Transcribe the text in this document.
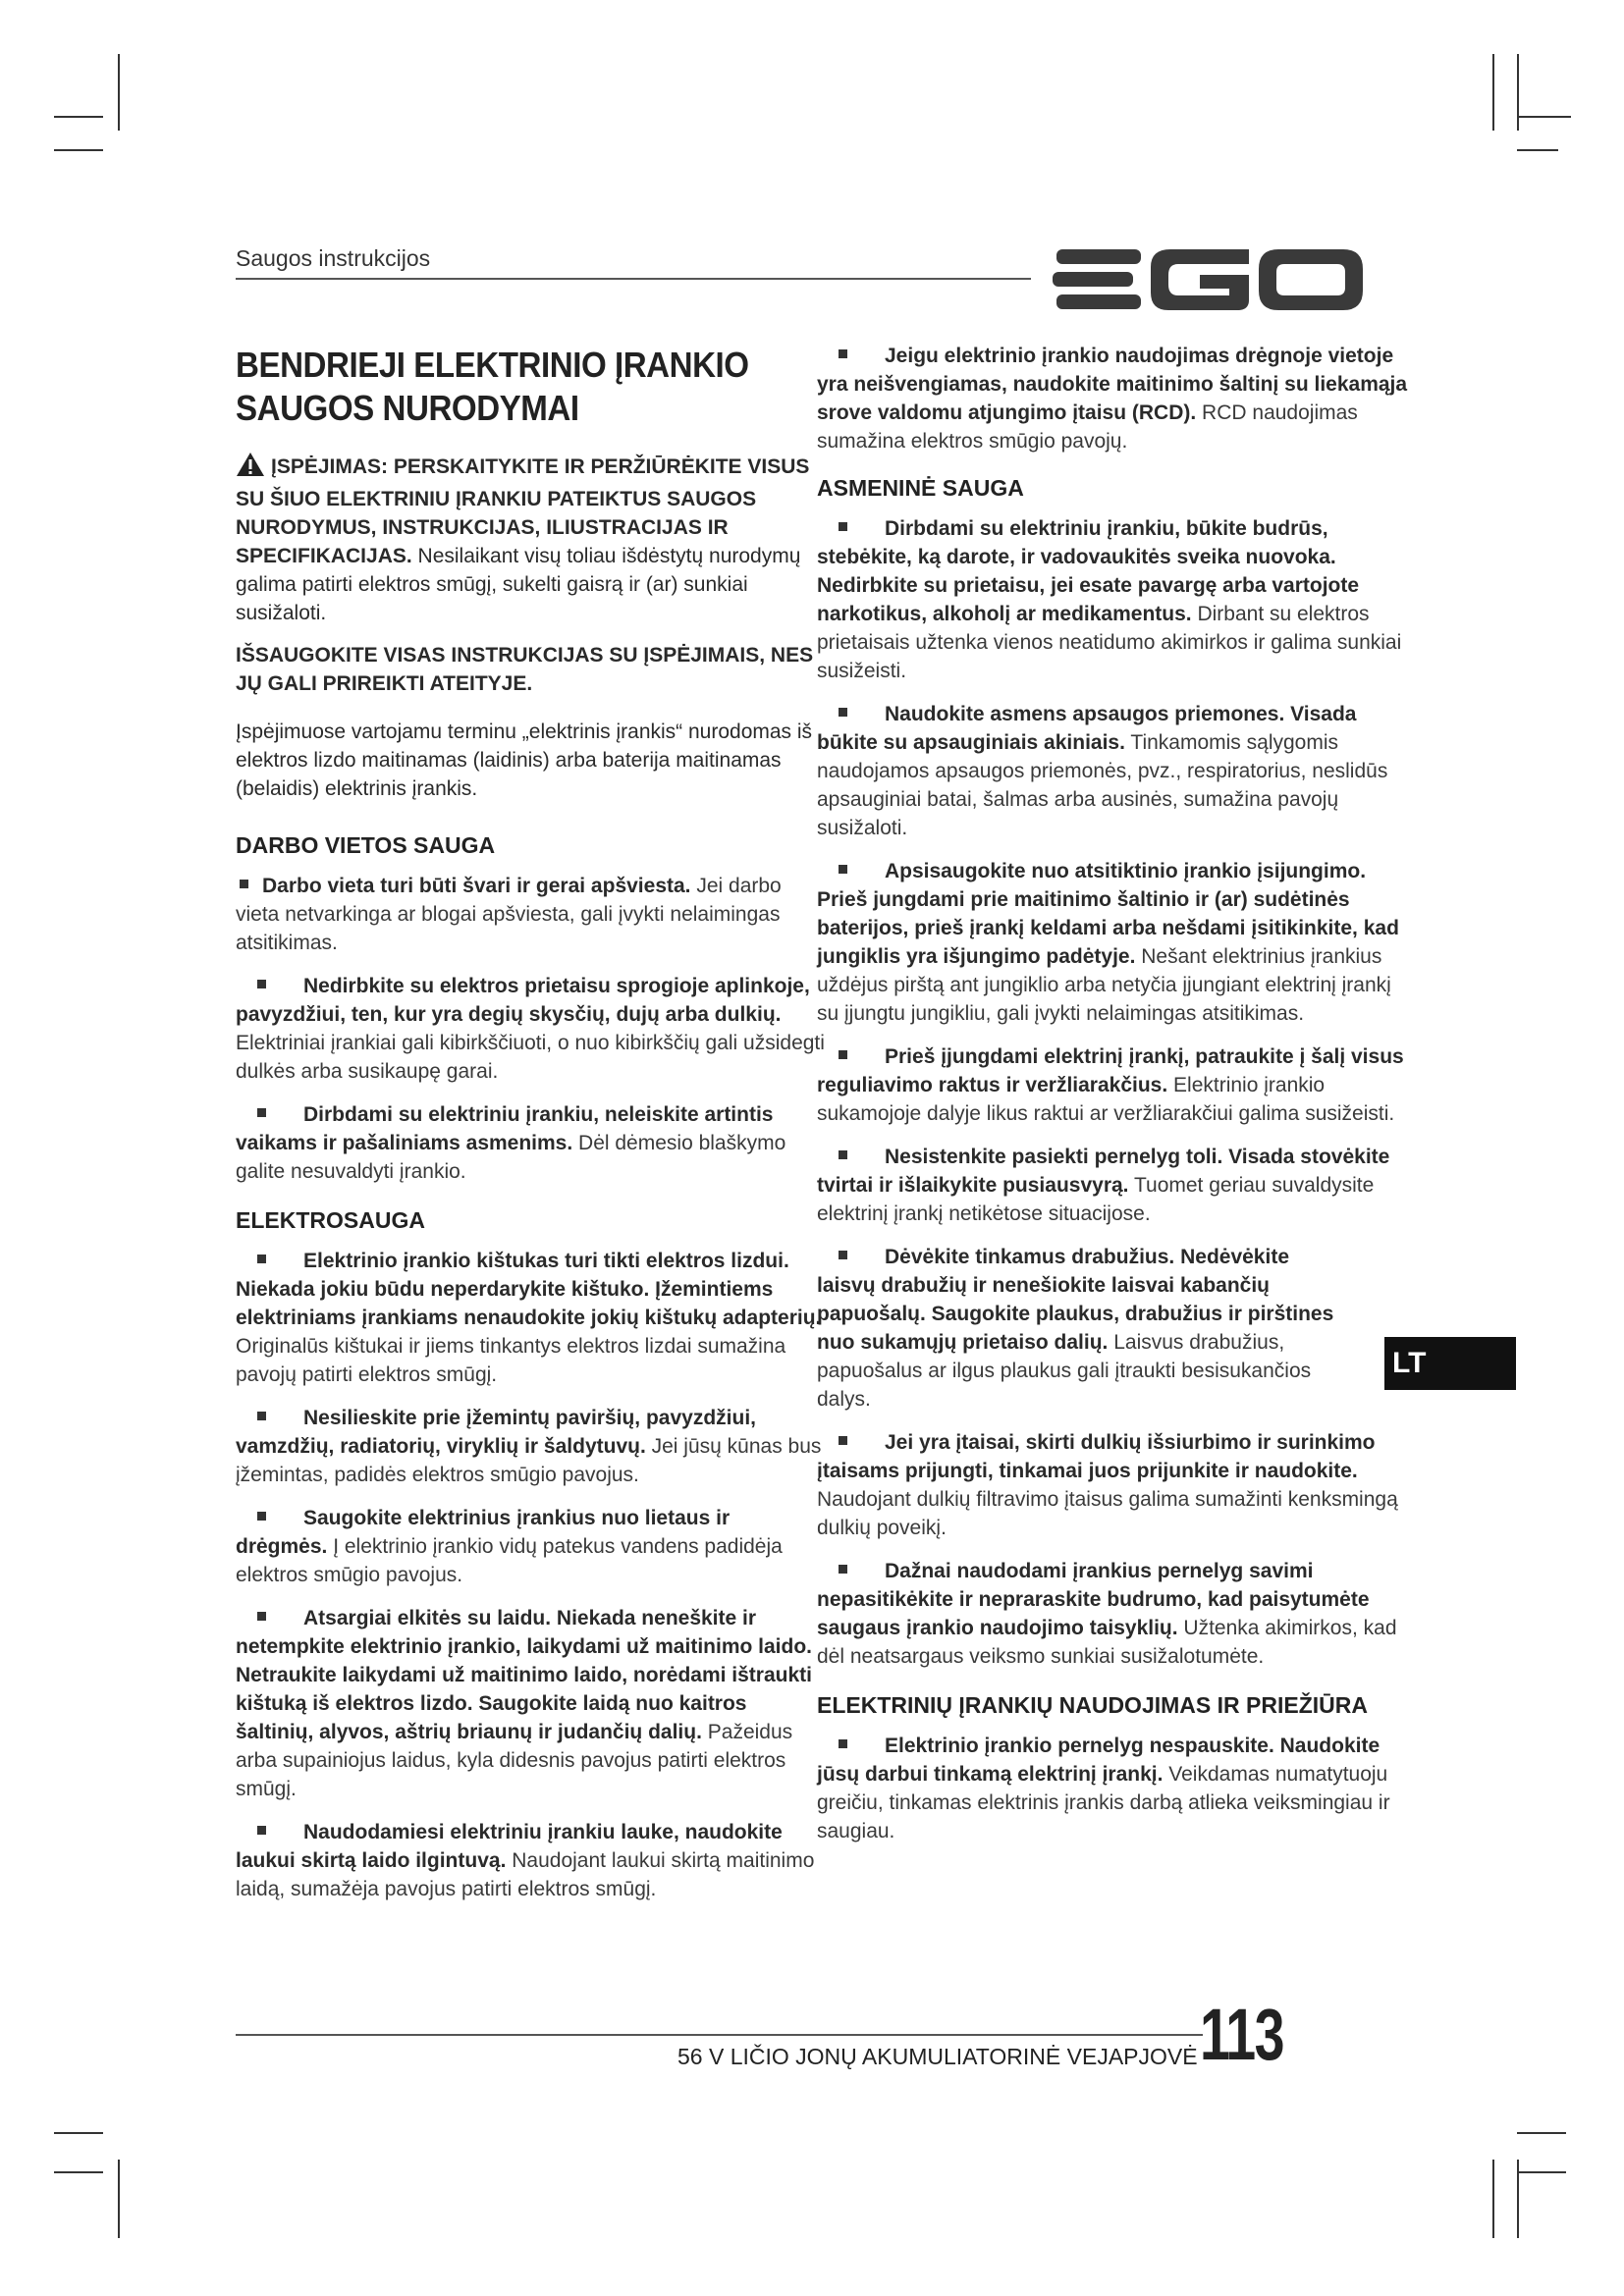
Saugos instrukcijos
BENDRIEJI ELEKTRINIO ĮRANKIO SAUGOS NURODYMAI
ĮSPĖJIMAS: PERSKAITYKITE IR PERŽIŪRĖKITE VISUS SU ŠIUO ELEKTRINIU ĮRANKIU PATEIKTUS SAUGOS NURODYMUS, INSTRUKCIJAS, ILIUSTRACIJAS IR SPECIFIKACIJAS. Nesilaikant visų toliau išdėstytų nurodymų galima patirti elektros smūgį, sukelti gaisrą ir (ar) sunkiai susižaloti.

IŠSAUGOKITE VISAS INSTRUKCIJAS SU ĮSPĖJIMAIS, NES JŲ GALI PRIREIKTI ATEITYJE.

Įspėjimuose vartojamu terminu „elektrinis įrankis“ nurodomas iš elektros lizdo maitinamas (laidinis) arba baterija maitinamas (belaidis) elektrinis įrankis.

DARBO VIETOS SAUGA
Darbo vieta turi būti švari ir gerai apšviesta. Jei darbo vieta netvarkinga ar blogai apšviesta, gali įvykti nelaimingas atsitikimas.
Nedirbkite su elektros prietaisu sprogioje aplinkoje, pavyzdžiui, ten, kur yra degių skysčių, dujų arba dulkių. Elektriniai įrankiai gali kibirkščiuoti, o nuo kibirkščių gali užsidegti dulkės arba susikaupę garai.
Dirbdami su elektriniu įrankiu, neleiskite artintis vaikams ir pašaliniams asmenims. Dėl dėmesio blaškymo galite nesuvaldyti įrankio.
ELEKTROSAUGA
Elektrinio įrankio kištukas turi tikti elektros lizdui. Niekada jokiu būdu neperdarykite kištuko. Įžemintiems elektriniams įrankiams nenaudokite jokių kištukų adapterių. Originalūs kištukai ir jiems tinkantys elektros lizdai sumažina pavojų patirti elektros smūgį.
Nesilieskite prie įžemintų paviršių, pavyzdžiui, vamzdžių, radiatorių, viryklių ir šaldytuvų. Jei jūsų kūnas bus įžemintas, padidės elektros smūgio pavojus.
Saugokite elektrinius įrankius nuo lietaus ir drėgmės. Į elektrinio įrankio vidų patekus vandens padidėja elektros smūgio pavojus.
Atsargiai elkitės su laidu. Niekada neneškite ir netempkite elektrinio įrankio, laikydami už maitinimo laido. Netraukite laikydami už maitinimo laido, norėdami ištraukti kištuką iš elektros lizdo. Saugokite laidą nuo kaitros šaltinių, alyvos, aštrių briaunų ir judančių dalių. Pažeidus arba supainiojus laidus, kyla didesnis pavojus patirti elektros smūgį.
Naudodamiesi elektriniu įrankiu lauke, naudokite laukui skirtą laido ilgintuvą. Naudojant laukui skirtą maitinimo laidą, sumažėja pavojus patirti elektros smūgį.
Jeigu elektrinio įrankio naudojimas drėgnoje vietoje yra neišvengiamas, naudokite maitinimo šaltinį su liekamąja srove valdomu atjungimo įtaisu (RCD). RCD naudojimas sumažina elektros smūgio pavojų.
ASMENINĖ SAUGA
Dirbdami su elektriniu įrankiu, būkite budrūs, stebėkite, ką darote, ir vadovaukitės sveika nuovoka. Nedirbkite su prietaisu, jei esate pavargę arba vartojote narkotikus, alkoholį ar medikamentus. Dirbant su elektros prietaisais užtenka vienos neatidumo akimirkos ir galima sunkiai susižeisti.
Naudokite asmens apsaugos priemones. Visada būkite su apsauginiais akiniais. Tinkamomis sąlygomis naudojamos apsaugos priemonės, pvz., respiratorius, neslidūs apsauginiai batai, šalmas arba ausinės, sumažina pavojų susižaloti.
Apsisaugokite nuo atsitiktinio įrankio įsijungimo. Prieš jungdami prie maitinimo šaltinio ir (ar) sudėtinės baterijos, prieš įrankį keldami arba nešdami įsitikinkite, kad jungiklis yra išjungimo padėtyje. Nešant elektrinius įrankius uždėjus pirštą ant jungiklio arba netyčia įjungiant elektrinį įrankį su įjungtu jungikliu, gali įvykti nelaimingas atsitikimas.
Prieš įjungdami elektrinį įrankį, patraukite į šalį visus reguliavimo raktus ir veržliarakčius. Elektrinio įrankio sukamojoje dalyje likus raktui ar veržliarakčiui galima susižeisti.
Nesistenkite pasiekti pernelyg toli. Visada stovėkite tvirtai ir išlaikykite pusiausvyrą. Tuomet geriau suvaldysite elektrinį įrankį netikėtose situacijose.
Dėvėkite tinkamus drabužius. Nedėvėkite laisvų drabužių ir nenešiokite laisvai kabančių papuošalų. Saugokite plaukus, drabužius ir pirštines nuo sukamųjų prietaiso dalių. Laisvus drabužius, papuošalus ar ilgus plaukus gali įtraukti besisukančios dalys.
Jei yra įtaisai, skirti dulkių išsiurbimo ir surinkimo įtaisams prijungti, tinkamai juos prijunkite ir naudokite. Naudojant dulkių filtravimo įtaisus galima sumažinti kenksmingą dulkių poveikį.
Dažnai naudodami įrankius pernelyg savimi nepasitikėkite ir nepraraskite budrumo, kad paisytumėte saugaus įrankio naudojimo taisyklių. Užtenka akimirkos, kad dėl neatsargaus veiksmo sunkiai susižalotumėte.
ELEKTRINIŲ ĮRANKIŲ NAUDOJIMAS IR PRIEŽIŪRA
Elektrinio įrankio pernelyg nespauskite. Naudokite jūsų darbui tinkamą elektrinį įrankį. Veikdamas numatytuoju greičiu, tinkamas elektrinis įrankis darbą atlieka veiksmingiau ir saugiau.
LT
56 V LIČIO JONŲ AKUMULIATORINĖ VEJAPJOVĖ 113
